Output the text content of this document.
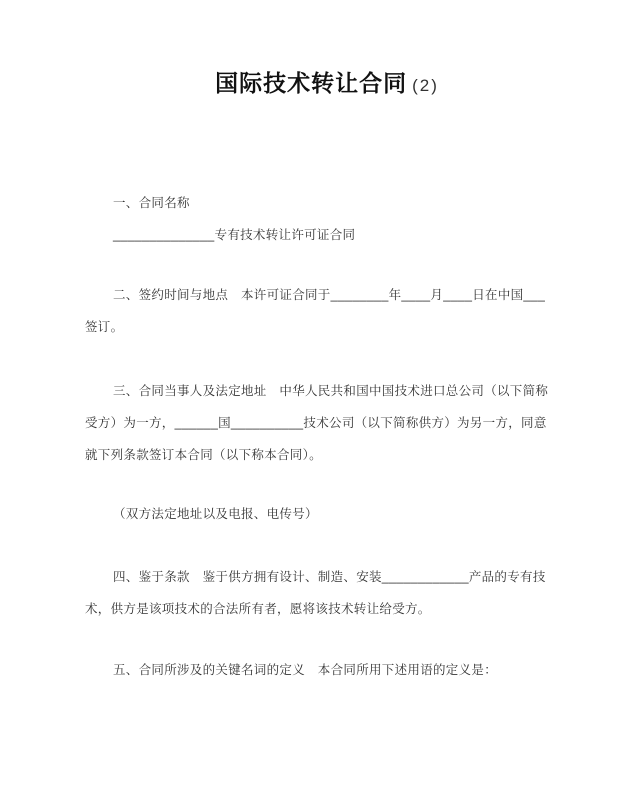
国际技术转让合同 (2)

一、合同名称

______________专有技术转让许可证合同

二、签约时间与地点　本许可证合同于________年____月____日在中国___

签订。

三、合同当事人及法定地址　中华人民共和国中国技术进口总公司（以下简称

受方）为一方，______国__________技术公司（以下简称供方）为另一方，同意

就下列条款签订本合同（以下称本合同）。

（双方法定地址以及电报、电传号）

四、鉴于条款　鉴于供方拥有设计、制造、安装____________产品的专有技

术，供方是该项技术的合法所有者，愿将该技术转让给受方。

五、合同所涉及的关键名词的定义　本合同所用下述用语的定义是：
